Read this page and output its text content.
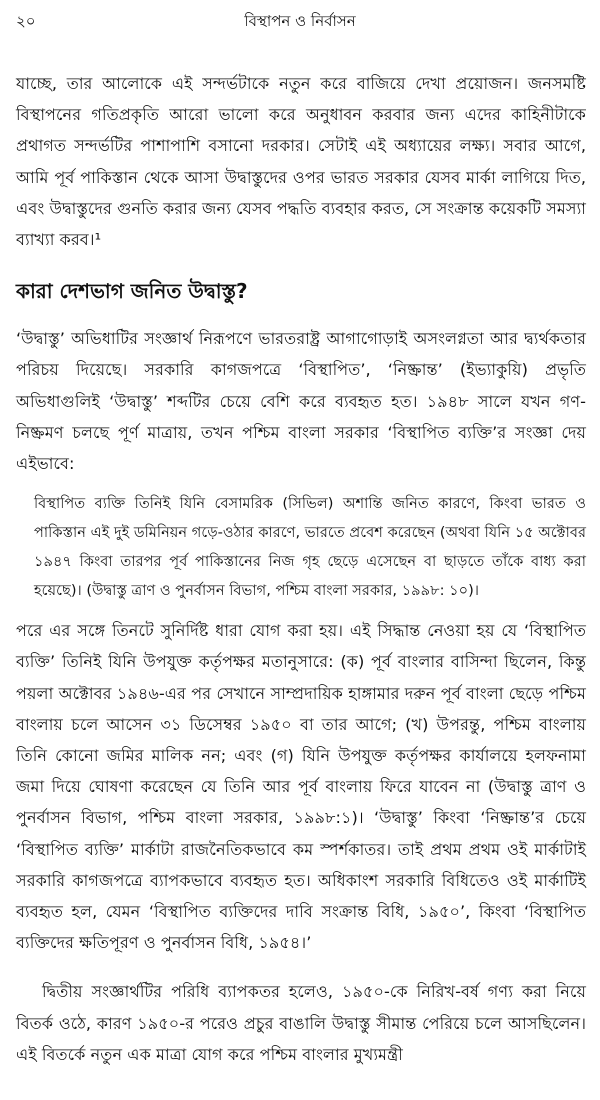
২০	বিস্থাপন ও নির্বাসন

যাচ্ছে, তার আলোকে এই সন্দর্ভটাকে নতুন করে বাজিয়ে দেখা প্রয়োজন। জনসমষ্টি বিস্থাপনের গতিপ্রকৃতি আরো ভালো করে অনুধাবন করবার জন্য এদের কাহিনীটাকে প্রথাগত সন্দর্ভটির পাশাপাশি বসানো দরকার। সেটাই এই অধ্যায়ের লক্ষ্য। সবার আগে, আমি পূর্ব পাকিস্তান থেকে আসা উদ্বাস্তুদের ওপর ভারত সরকার যেসব মার্কা লাগিয়ে দিত, এবং উদ্বাস্তুদের গুনতি করার জন্য যেসব পদ্ধতি ব্যবহার করত, সে সংক্রান্ত কয়েকটি সমস্যা ব্যাখ্যা করব।¹

কারা দেশভাগ জনিত উদ্বাস্তু?

‘উদ্বাস্তু’ অভিধাটির সংজ্ঞার্থ নিরূপণে ভারতরাষ্ট্র আগাগোড়াই অসংলগ্নতা আর দ্ব্যর্থকতার পরিচয় দিয়েছে। সরকারি কাগজপত্রে ‘বিস্থাপিত’, ‘নিষ্ক্রান্ত’ (ইভ্যাকুয়ি) প্রভৃতি অভিধাগুলিই ‘উদ্বাস্তু’ শব্দটির চেয়ে বেশি করে ব্যবহৃত হত। ১৯৪৮ সালে যখন গণ-নিষ্ক্রমণ চলছে পূর্ণ মাত্রায়, তখন পশ্চিম বাংলা সরকার ‘বিস্থাপিত ব্যক্তি’র সংজ্ঞা দেয় এইভাবে:

বিস্থাপিত ব্যক্তি তিনিই যিনি বেসামরিক (সিভিল) অশান্তি জনিত কারণে, কিংবা ভারত ও পাকিস্তান এই দুই ডমিনিয়ন গড়ে-ওঠার কারণে, ভারতে প্রবেশ করেছেন (অথবা যিনি ১৫ অক্টোবর ১৯৪৭ কিংবা তারপর পূর্ব পাকিস্তানের নিজ গৃহ ছেড়ে এসেছেন বা ছাড়তে তাঁকে বাধ্য করা হয়েছে)। (উদ্বাস্তু ত্রাণ ও পুনর্বাসন বিভাগ, পশ্চিম বাংলা সরকার, ১৯৯৮: ১০)।

পরে এর সঙ্গে তিনটে সুনির্দিষ্ট ধারা যোগ করা হয়। এই সিদ্ধান্ত নেওয়া হয় যে ‘বিস্থাপিত ব্যক্তি’ তিনিই যিনি উপযুক্ত কর্তৃপক্ষর মতানুসারে: (ক) পূর্ব বাংলার বাসিন্দা ছিলেন, কিন্তু পয়লা অক্টোবর ১৯৪৬-এর পর সেখানে সাম্প্রদায়িক হাঙ্গামার দরুন পূর্ব বাংলা ছেড়ে পশ্চিম বাংলায় চলে আসেন ৩১ ডিসেম্বর ১৯৫০ বা তার আগে; (খ) উপরন্তু, পশ্চিম বাংলায় তিনি কোনো জমির মালিক নন; এবং (গ) যিনি উপযুক্ত কর্তৃপক্ষর কার্যালয়ে হলফনামা জমা দিয়ে ঘোষণা করেছেন যে তিনি আর পূর্ব বাংলায় ফিরে যাবেন না (উদ্বাস্তু ত্রাণ ও পুনর্বাসন বিভাগ, পশ্চিম বাংলা সরকার, ১৯৯৮:১)। ‘উদ্বাস্তু’ কিংবা ‘নিষ্ক্রান্ত’র চেয়ে ‘বিস্থাপিত ব্যক্তি’ মার্কাটা রাজনৈতিকভাবে কম স্পর্শকাতর। তাই প্রথম প্রথম ওই মার্কাটাই সরকারি কাগজপত্রে ব্যাপকভাবে ব্যবহৃত হত। অধিকাংশ সরকারি বিধিতেও ওই মার্কাটিই ব্যবহৃত হল, যেমন ‘বিস্থাপিত ব্যক্তিদের দাবি সংক্রান্ত বিধি, ১৯৫০’, কিংবা ‘বিস্থাপিত ব্যক্তিদের ক্ষতিপূরণ ও পুনর্বাসন বিধি, ১৯৫৪।’

দ্বিতীয় সংজ্ঞার্থটির পরিধি ব্যাপকতর হলেও, ১৯৫০-কে নিরিখ-বর্ষ গণ্য করা নিয়ে বিতর্ক ওঠে, কারণ ১৯৫০-র পরেও প্রচুর বাঙালি উদ্বাস্তু সীমান্ত পেরিয়ে চলে আসছিলেন। এই বিতর্কে নতুন এক মাত্রা যোগ করে পশ্চিম বাংলার মুখ্যমন্ত্রী
